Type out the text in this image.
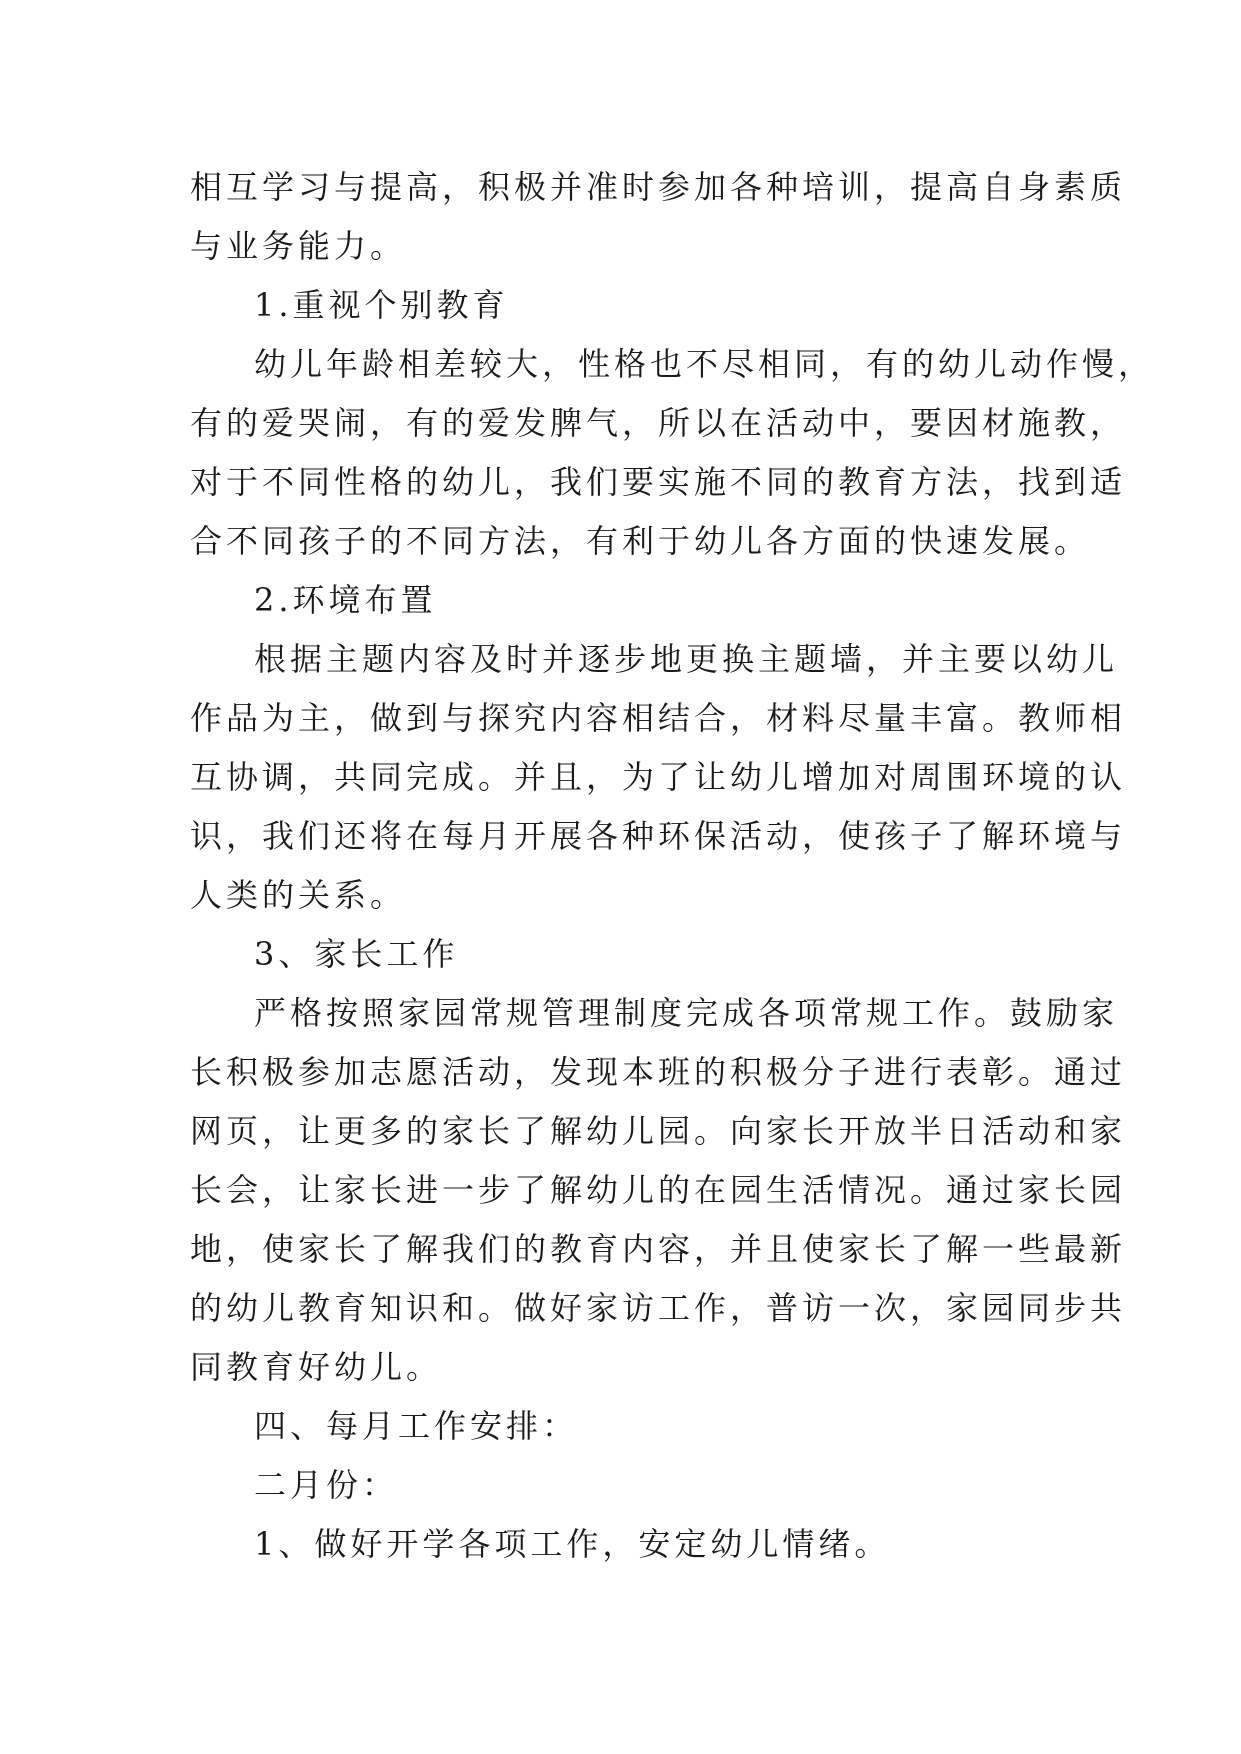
相互学习与提高，积极并准时参加各种培训，提高自身素质
与业务能力。
1.重视个别教育
幼儿年龄相差较大，性格也不尽相同，有的幼儿动作慢，
有的爱哭闹，有的爱发脾气，所以在活动中，要因材施教，
对于不同性格的幼儿，我们要实施不同的教育方法，找到适
合不同孩子的不同方法，有利于幼儿各方面的快速发展。
2.环境布置
根据主题内容及时并逐步地更换主题墙，并主要以幼儿
作品为主，做到与探究内容相结合，材料尽量丰富。教师相
互协调，共同完成。并且，为了让幼儿增加对周围环境的认
识，我们还将在每月开展各种环保活动，使孩子了解环境与
人类的关系。
3、家长工作
严格按照家园常规管理制度完成各项常规工作。鼓励家
长积极参加志愿活动，发现本班的积极分子进行表彰。通过
网页，让更多的家长了解幼儿园。向家长开放半日活动和家
长会，让家长进一步了解幼儿的在园生活情况。通过家长园
地，使家长了解我们的教育内容，并且使家长了解一些最新
的幼儿教育知识和。做好家访工作，普访一次，家园同步共
同教育好幼儿。
四、每月工作安排：
二月份：
1、做好开学各项工作，安定幼儿情绪。
